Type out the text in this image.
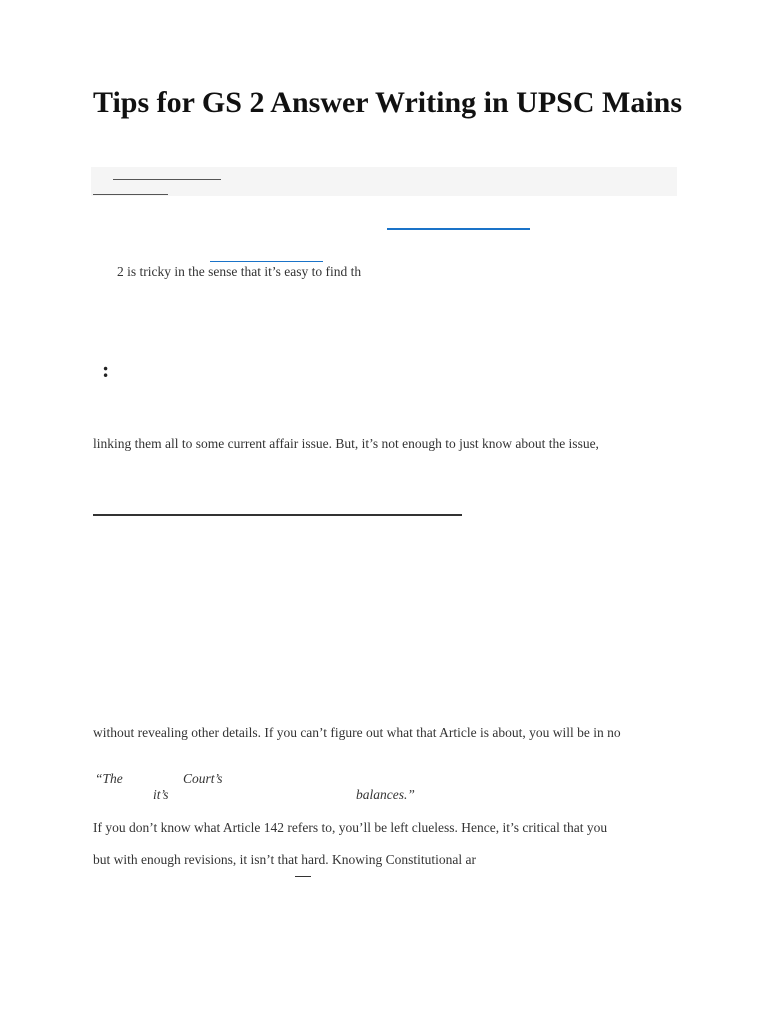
Tips for GS 2 Answer Writing in UPSC Mains
2 is tricky in the sense that it’s easy to find th
:
linking them all to some current affair issue. But, it’s not enough to just know about the issue,
without revealing other details. If you can’t figure out what that Article is about, you will be in no
“The	Court’s
it’s	balances.”
If you don’t know what Article 142 refers to, you’ll be left clueless. Hence, it’s critical that you
but with enough revisions, it isn’t that hard. Knowing Constitutional ar
